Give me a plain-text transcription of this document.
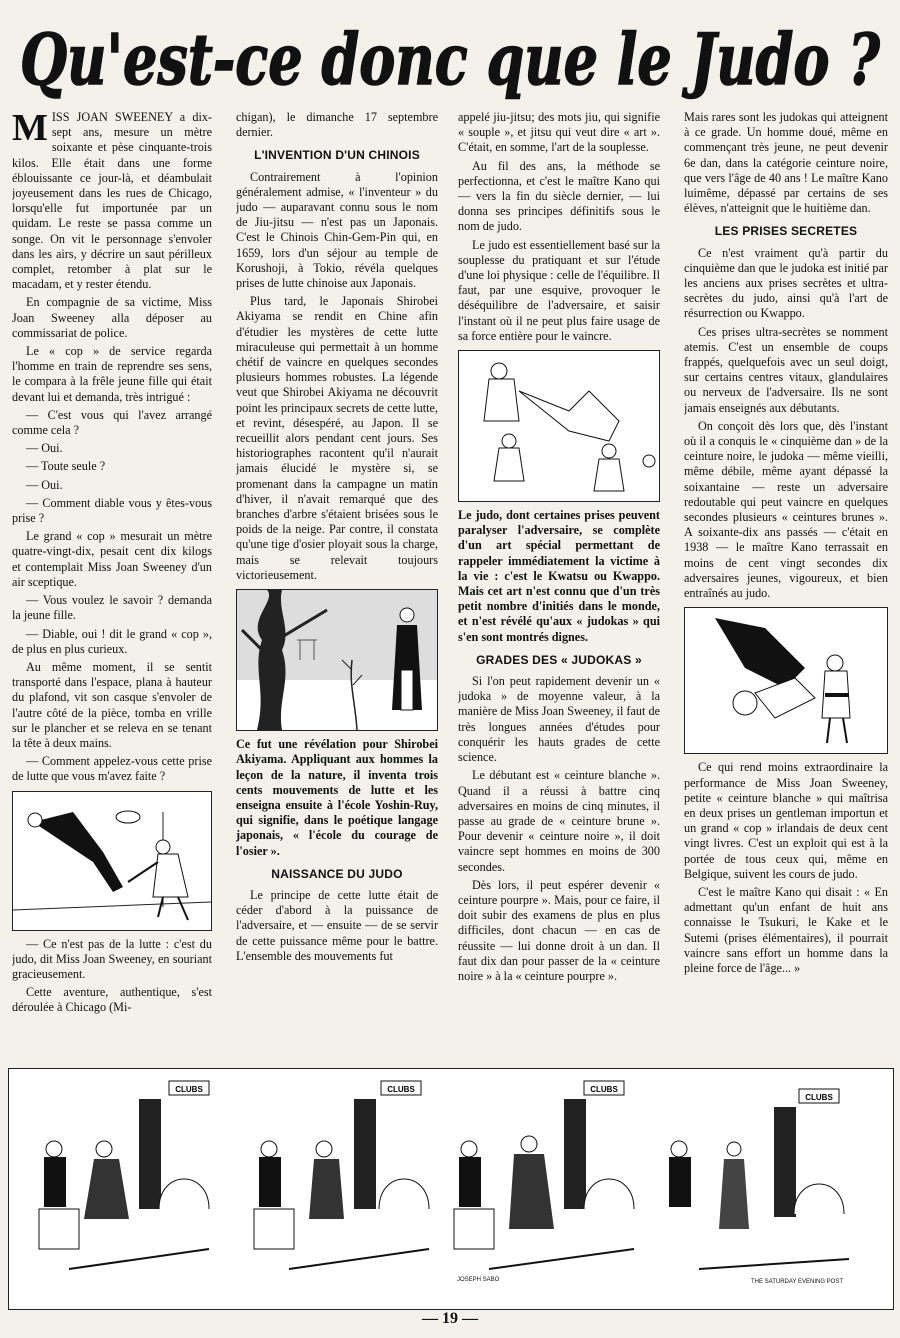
Qu'est-ce donc que le Judo ?

MISS JOAN SWEENEY a dix-sept ans, mesure un mètre soixante et pèse cinquante-trois kilos. Elle était dans une forme éblouissante ce jour-là, et déambulait joyeusement dans les rues de Chicago, lorsqu'elle fut importunée par un quidam. Le reste se passa comme un songe. On vit le personnage s'envoler dans les airs, y décrire un saut périlleux complet, retomber à plat sur le macadam, et y rester étendu.

En compagnie de sa victime, Miss Joan Sweeney alla déposer au commissariat de police.

Le « cop » de service regarda l'homme en train de reprendre ses sens, le compara à la frêle jeune fille qui était devant lui et demanda, très intrigué :

— C'est vous qui l'avez arrangé comme cela ?

— Oui.

— Toute seule ?

— Oui.

— Comment diable vous y êtes-vous prise ?

Le grand « cop » mesurait un mètre quatre-vingt-dix, pesait cent dix kilogs et contemplait Miss Joan Sweeney d'un air sceptique.

— Vous voulez le savoir ? demanda la jeune fille.

— Diable, oui ! dit le grand « cop », de plus en plus curieux.

Au même moment, il se sentit transporté dans l'espace, plana à hauteur du plafond, vit son casque s'envoler de l'autre côté de la pièce, tomba en vrille sur le plancher et se releva en se tenant la tête à deux mains.

— Comment appelez-vous cette prise de lutte que vous m'avez faite ?

— Ce n'est pas de la lutte : c'est du judo, dit Miss Joan Sweeney, en souriant gracieusement.

Cette aventure, authentique, s'est déroulée à Chicago (Mi-

chigan), le dimanche 17 septembre dernier.

L'INVENTION D'UN CHINOIS

Contrairement à l'opinion généralement admise, « l'inventeur » du judo — auparavant connu sous le nom de Jiu-jitsu — n'est pas un Japonais. C'est le Chinois Chin-Gem-Pin qui, en 1659, lors d'un séjour au temple de Korushoji, à Tokio, révéla quelques prises de lutte chinoise aux Japonais.

Plus tard, le Japonais Shirobei Akiyama se rendit en Chine afin d'étudier les mystères de cette lutte miraculeuse qui permettait à un homme chétif de vaincre en quelques secondes plusieurs hommes robustes. La légende veut que Shirobei Akiyama ne découvrit point les principaux secrets de cette lutte, et revint, désespéré, au Japon. Il se recueillit alors pendant cent jours. Ses historiographes racontent qu'il n'aurait jamais élucidé le mystère si, se promenant dans la campagne un matin d'hiver, il n'avait remarqué que des branches d'arbre s'étaient brisées sous le poids de la neige. Par contre, il constata qu'une tige d'osier ployait sous la charge, mais se relevait toujours victorieusement.

Ce fut une révélation pour Shirobei Akiyama. Appliquant aux hommes la leçon de la nature, il inventa trois cents mouvements de lutte et les enseigna ensuite à l'école Yoshin-Ruy, qui signifie, dans le poétique langage japonais, « l'école du courage de l'osier ».

NAISSANCE DU JUDO

Le principe de cette lutte était de céder d'abord à la puissance de l'adversaire, et — ensuite — de se servir de cette puissance même pour le battre. L'ensemble des mouvements fut

appelé jiu-jitsu; des mots jiu, qui signifie « souple », et jitsu qui veut dire « art ». C'était, en somme, l'art de la souplesse.

Au fil des ans, la méthode se perfectionna, et c'est le maître Kano qui — vers la fin du siècle dernier, — lui donna ses principes définitifs sous le nom de judo.

Le judo est essentiellement basé sur la souplesse du pratiquant et sur l'étude d'une loi physique : celle de l'équilibre. Il faut, par une esquive, provoquer le déséquilibre de l'adversaire, et saisir l'instant où il ne peut plus faire usage de sa force entière pour le vaincre.

Le judo, dont certaines prises peuvent paralyser l'adversaire, se complète d'un art spécial permettant de rappeler immédiatement la victime à la vie : c'est le Kwatsu ou Kwappo. Mais cet art n'est connu que d'un très petit nombre d'initiés dans le monde, et n'est révélé qu'aux « judokas » qui s'en sont montrés dignes.

GRADES DES « JUDOKAS »

Si l'on peut rapidement devenir un « judoka » de moyenne valeur, à la manière de Miss Joan Sweeney, il faut de très longues années d'études pour conquérir les hauts grades de cette science.

Le débutant est « ceinture blanche ». Quand il a réussi à battre cinq adversaires en moins de cinq minutes, il passe au grade de « ceinture brune ». Pour devenir « ceinture noire », il doit vaincre sept hommes en moins de 300 secondes.

Dès lors, il peut espérer devenir « ceinture pourpre ». Mais, pour ce faire, il doit subir des examens de plus en plus difficiles, dont chacun — en cas de réussite — lui donne droit à un dan. Il faut dix dan pour passer de la « ceinture noire » à la « ceinture pourpre ».

Mais rares sont les judokas qui atteignent à ce grade. Un homme doué, même en commençant très jeune, ne peut devenir 6e dan, dans la catégorie ceinture noire, que vers l'âge de 40 ans ! Le maître Kano luimême, dépassé par certains de ses élèves, n'atteignit que le huitième dan.

LES PRISES SECRETES

Ce n'est vraiment qu'à partir du cinquième dan que le judoka est initié par les anciens aux prises secrètes et ultra-secrètes du judo, ainsi qu'à l'art de résurrection ou Kwappo.

Ces prises ultra-secrètes se nomment atemis. C'est un ensemble de coups frappés, quelquefois avec un seul doigt, sur certains centres vitaux, glandulaires ou nerveux de l'adversaire. Ils ne sont jamais enseignés aux débutants.

On conçoit dès lors que, dès l'instant où il a conquis le « cinquième dan » de la ceinture noire, le judoka — même vieilli, même débile, même ayant dépassé la soixantaine — reste un adversaire redoutable qui peut vaincre en quelques secondes plusieurs « ceintures brunes ». A soixante-dix ans passés — c'était en 1938 — le maître Kano terrassait en moins de cent vingt secondes dix adversaires jeunes, vigoureux, et bien entraînés au judo.

Ce qui rend moins extraordinaire la performance de Miss Joan Sweeney, petite « ceinture blanche » qui maîtrisa en deux prises un gentleman importun et un grand « cop » irlandais de deux cent vingt livres. C'est un exploit qui est à la portée de tous ceux qui, même en Belgique, suivent les cours de judo.

C'est le maître Kano qui disait : « En admettant qu'un enfant de huit ans connaisse le Tsukuri, le Kake et le Sutemi (prises élémentaires), il pourrait vaincre sans effort un homme dans la pleine force de l'âge... »

CLUBS	CLUBS	CLUBS
CLUBS
JOSEPH SABO	THE SATURDAY EVENING POST
— 19 —
